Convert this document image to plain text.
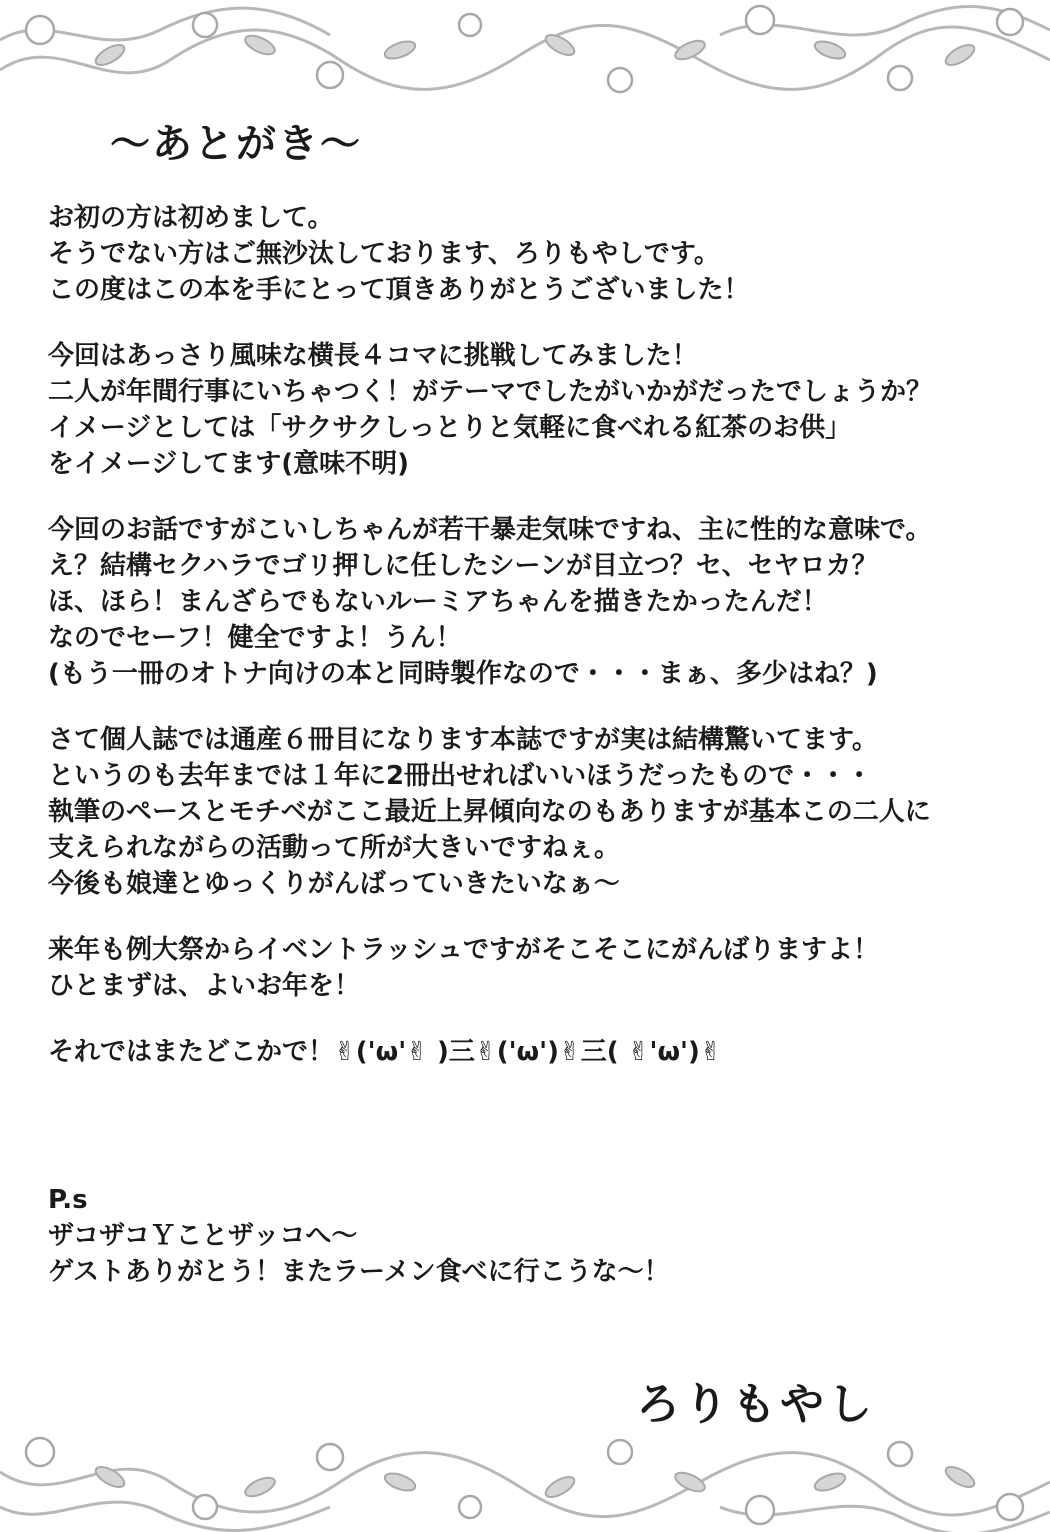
〜あとがき〜
お初の方は初めまして。
そうでない方はご無沙汰しております、ろりもやしです。
この度はこの本を手にとって頂きありがとうございました！
今回はあっさり風味な横長４コマに挑戦してみました！
二人が年間行事にいちゃつく！がテーマでしたがいかがだったでしょうか？
イメージとしては「サクサクしっとりと気軽に食べれる紅茶のお供」
をイメージしてます(意味不明)
今回のお話ですがこいしちゃんが若干暴走気味ですね、主に性的な意味で。
え？結構セクハラでゴリ押しに任したシーンが目立つ？セ、セヤロカ？
ほ、ほら！まんざらでもないルーミアちゃんを描きたかったんだ！
なのでセーフ！健全ですよ！うん！
(もう一冊のオトナ向けの本と同時製作なので・・・まぁ、多少はね？)
さて個人誌では通産６冊目になります本誌ですが実は結構驚いてます。
というのも去年までは１年に2冊出せればいいほうだったもので・・・
執筆のペースとモチベがここ最近上昇傾向なのもありますが基本この二人に
支えられながらの活動って所が大きいですねぇ。
今後も娘達とゆっくりがんばっていきたいなぁ〜
来年も例大祭からイベントラッシュですがそこそこにがんばりますよ！
ひとまずは、よいお年を！
それではまたどこかで！✌('ω'✌ )三✌('ω')✌三( ✌'ω')✌
P.s
ザコザコＹことザッコへ〜
ゲストありがとう！またラーメン食べに行こうな〜！
ろりもやし
